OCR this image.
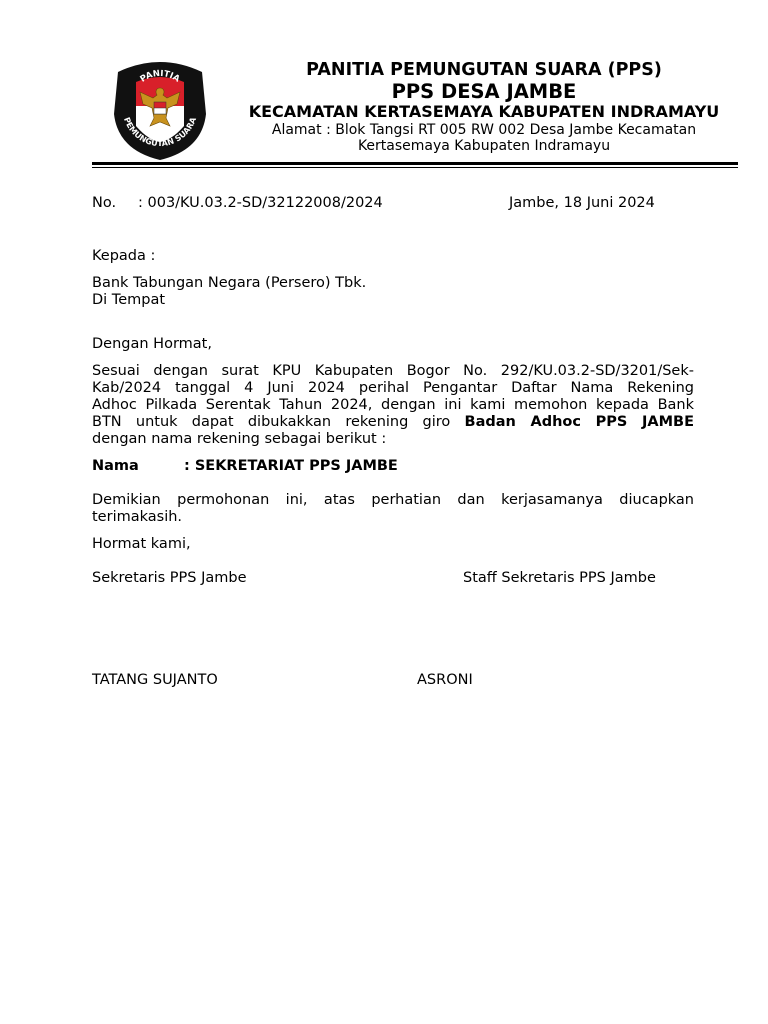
PANITIA
PEMUNGUTAN SUARA
PANITIA PEMUNGUTAN SUARA (PPS)
PPS DESA JAMBE
KECAMATAN KERTASEMAYA KABUPATEN INDRAMAYU
Alamat : Blok Tangsi RT 005 RW 002 Desa Jambe Kecamatan
Kertasemaya Kabupaten Indramayu
No. : 003/KU.03.2-SD/32122008/2024	Jambe, 18 Juni 2024
Kepada :
Bank Tabungan Negara (Persero) Tbk.
Di Tempat
Dengan Hormat,
Sesuai dengan surat KPU Kabupaten Bogor No. 292/KU.03.2-SD/3201/Sek-
Kab/2024 tanggal 4 Juni 2024 perihal Pengantar Daftar Nama Rekening
Adhoc Pilkada Serentak Tahun 2024, dengan ini kami memohon kepada Bank
BTN untuk dapat dibukakkan rekening giro Badan Adhoc PPS JAMBE
dengan nama rekening sebagai berikut :
Nama	: SEKRETARIAT PPS JAMBE
Demikian permohonan ini, atas perhatian dan kerjasamanya diucapkan
terimakasih.
Hormat kami,
Sekretaris PPS Jambe	Staff Sekretaris PPS Jambe
TATANG SUJANTO	ASRONI
